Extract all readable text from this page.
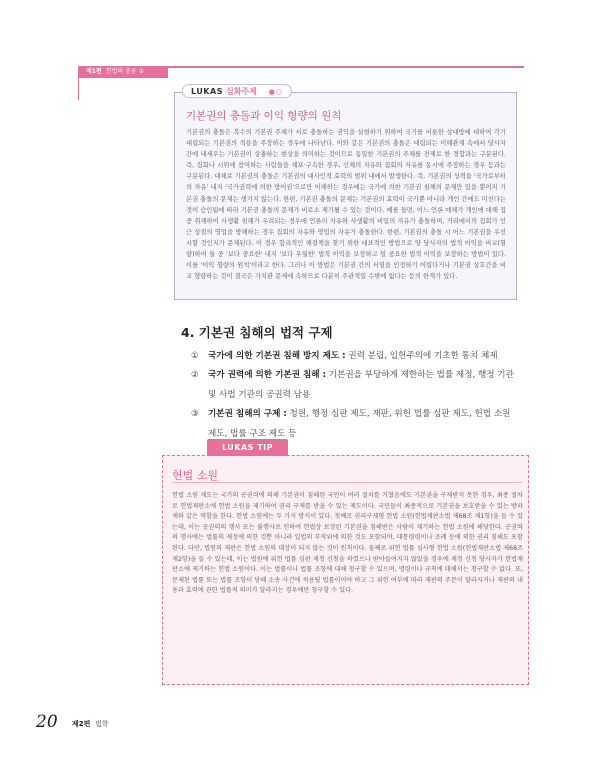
제1편 헌법의 총론 ①
LUKAS 심화주제 ●○
기본권의 충돌과 이익 형량의 원칙
기본권의 충돌은 복수의 기본권 주체가 서로 충돌하는 권익을 실현하기 위하여 국가를 비롯한 상대방에 대하여 각기 대립되는 기본권의 적용을 주장하는 경우에 나타난다. 이와 같은 기본권의 충돌은 대립되는 이해관계 속에서 당사자 간에 내세우는 기본권이 상충하는 현상을 의미하는 것이므로 동일한 기본권의 주체를 전제로 한 경합과는 구분된다. 즉, 집회나 시위에 참여하는 사람들을 체포·구속한 경우, 신체의 자유와 집회의 자유를 동시에 주장하는 경우 등과는 구분된다. 대체로 기본권의 충돌은 기본권의 대사인적 효력의 범위 내에서 발생한다. 즉, 기본권의 성격을 '국가로부터의 자유' 내지 '국가권력에 의한 방어권'으로만 이해하는 경우에는 국가에 의한 기본권 침해의 문제만 있을 뿐이지 기본권 충돌의 문제는 생기지 않는다. 한편, 기본권 충돌의 문제는 기본권의 효력이 국가뿐 아니라 개인 간에도 미친다는 것이 승인됨에 따라 기본권 충돌의 문제가 비로소 제기될 수 있는 것이다. 예를 들면, 어느 언론 매체가 개인에 대해 집중 취재하여 사생활 침해가 우려되는 경우에 언론의 자유와 사생활의 비밀의 자유가 충돌하며, 거리에서의 집회가 인근 상점의 영업을 방해하는 경우 집회의 자유와 영업의 자유가 충돌한다. 한편, 기본권의 충돌 시 어느 기본권을 우선시할 것인지가 문제된다. 이 경우 합리적인 해결책을 찾기 위한 대표적인 방법으로 양 당사자의 법적 이익을 비교(형량)하여 둘 중 '보다 중요한' 내지 '보다 우월한' 법적 이익을 보장하고 덜 중요한 법적 이익을 보장하는 방법이 있다. 이를 '이익 형량의 원칙'이라고 한다. 그러나 이 방법은 기본권 간의 서열을 인정하기 어렵다거나 기본권 상호간을 비교 형량하는 것이 결국은 가치관 문제에 속하므로 다분히 주관적일 수밖에 없다는 등의 한계가 있다.
4. 기본권 침해의 법적 구제
① 국가에 의한 기본권 침해 방지 제도 : 권력 분립, 입헌주의에 기초한 통치 체제
② 국가 권력에 의한 기본권 침해 : 기본권을 부당하게 제한하는 법률 제정, 행정 기관 및 사법 기관의 공권력 남용
③ 기본권 침해의 구제 : 청원, 행정 심판 제도, 재판, 위헌 법률 심판 제도, 헌법 소원 제도, 법률 구조 제도 등
LUKAS TIP
헌법 소원
헌법 소원 제도는 국가의 공권력에 의해 기본권이 침해된 국민이 여러 절차를 거쳤음에도 기본권을 구제받지 못한 경우, 최종 절차로 헌법재판소에 헌법 소원을 제기하여 권리 구제를 받을 수 있는 제도이다. 국민들이 최종적으로 기본권을 보호받을 수 있는 방파제와 같은 역할을 한다. 헌법 소원에는 두 가지 방식이 있다. 첫째로 권리구제형 헌법 소원(헌법재판소법 제68조 제1항)을 들 수 있는데, 이는 공권력의 행사 또는 불행사로 인하여 헌법상 보장된 기본권을 침해받은 사람이 제기하는 헌법 소원에 해당한다. 공권력의 행사에는 법률의 제정에 의한 것뿐 아니라 입법의 부작위에 의한 것도 포함되며, 대통령령이나 조례 등에 의한 권리 침해도 포함된다. 다만, 법원의 재판은 헌법 소원의 대상이 되지 않는 것이 원칙이다. 둘째로 위헌 법률 심사형 헌법 소원(헌법재판소법 제68조 제2항)을 들 수 있는데, 이는 법원에 위헌 법률 심판 제청 신청을 하였으나 받아들여지지 않았을 경우에 제청 신청 당사자가 헌법재판소에 제기하는 헌법 소원이다. 이는 법률이나 법률 조항에 대해 청구할 수 있으며, 명령이나 규칙에 대해서는 청구할 수 없다. 또, 문제된 법률 또는 법률 조항이 당해 소송 사건에 적용될 법률이어야 하고 그 위헌 여부에 따라 재판의 주문이 달라지거나 재판의 내용과 효력에 관한 법률적 의미가 달라지는 경우에만 청구할 수 있다.
20 제2편 법학
